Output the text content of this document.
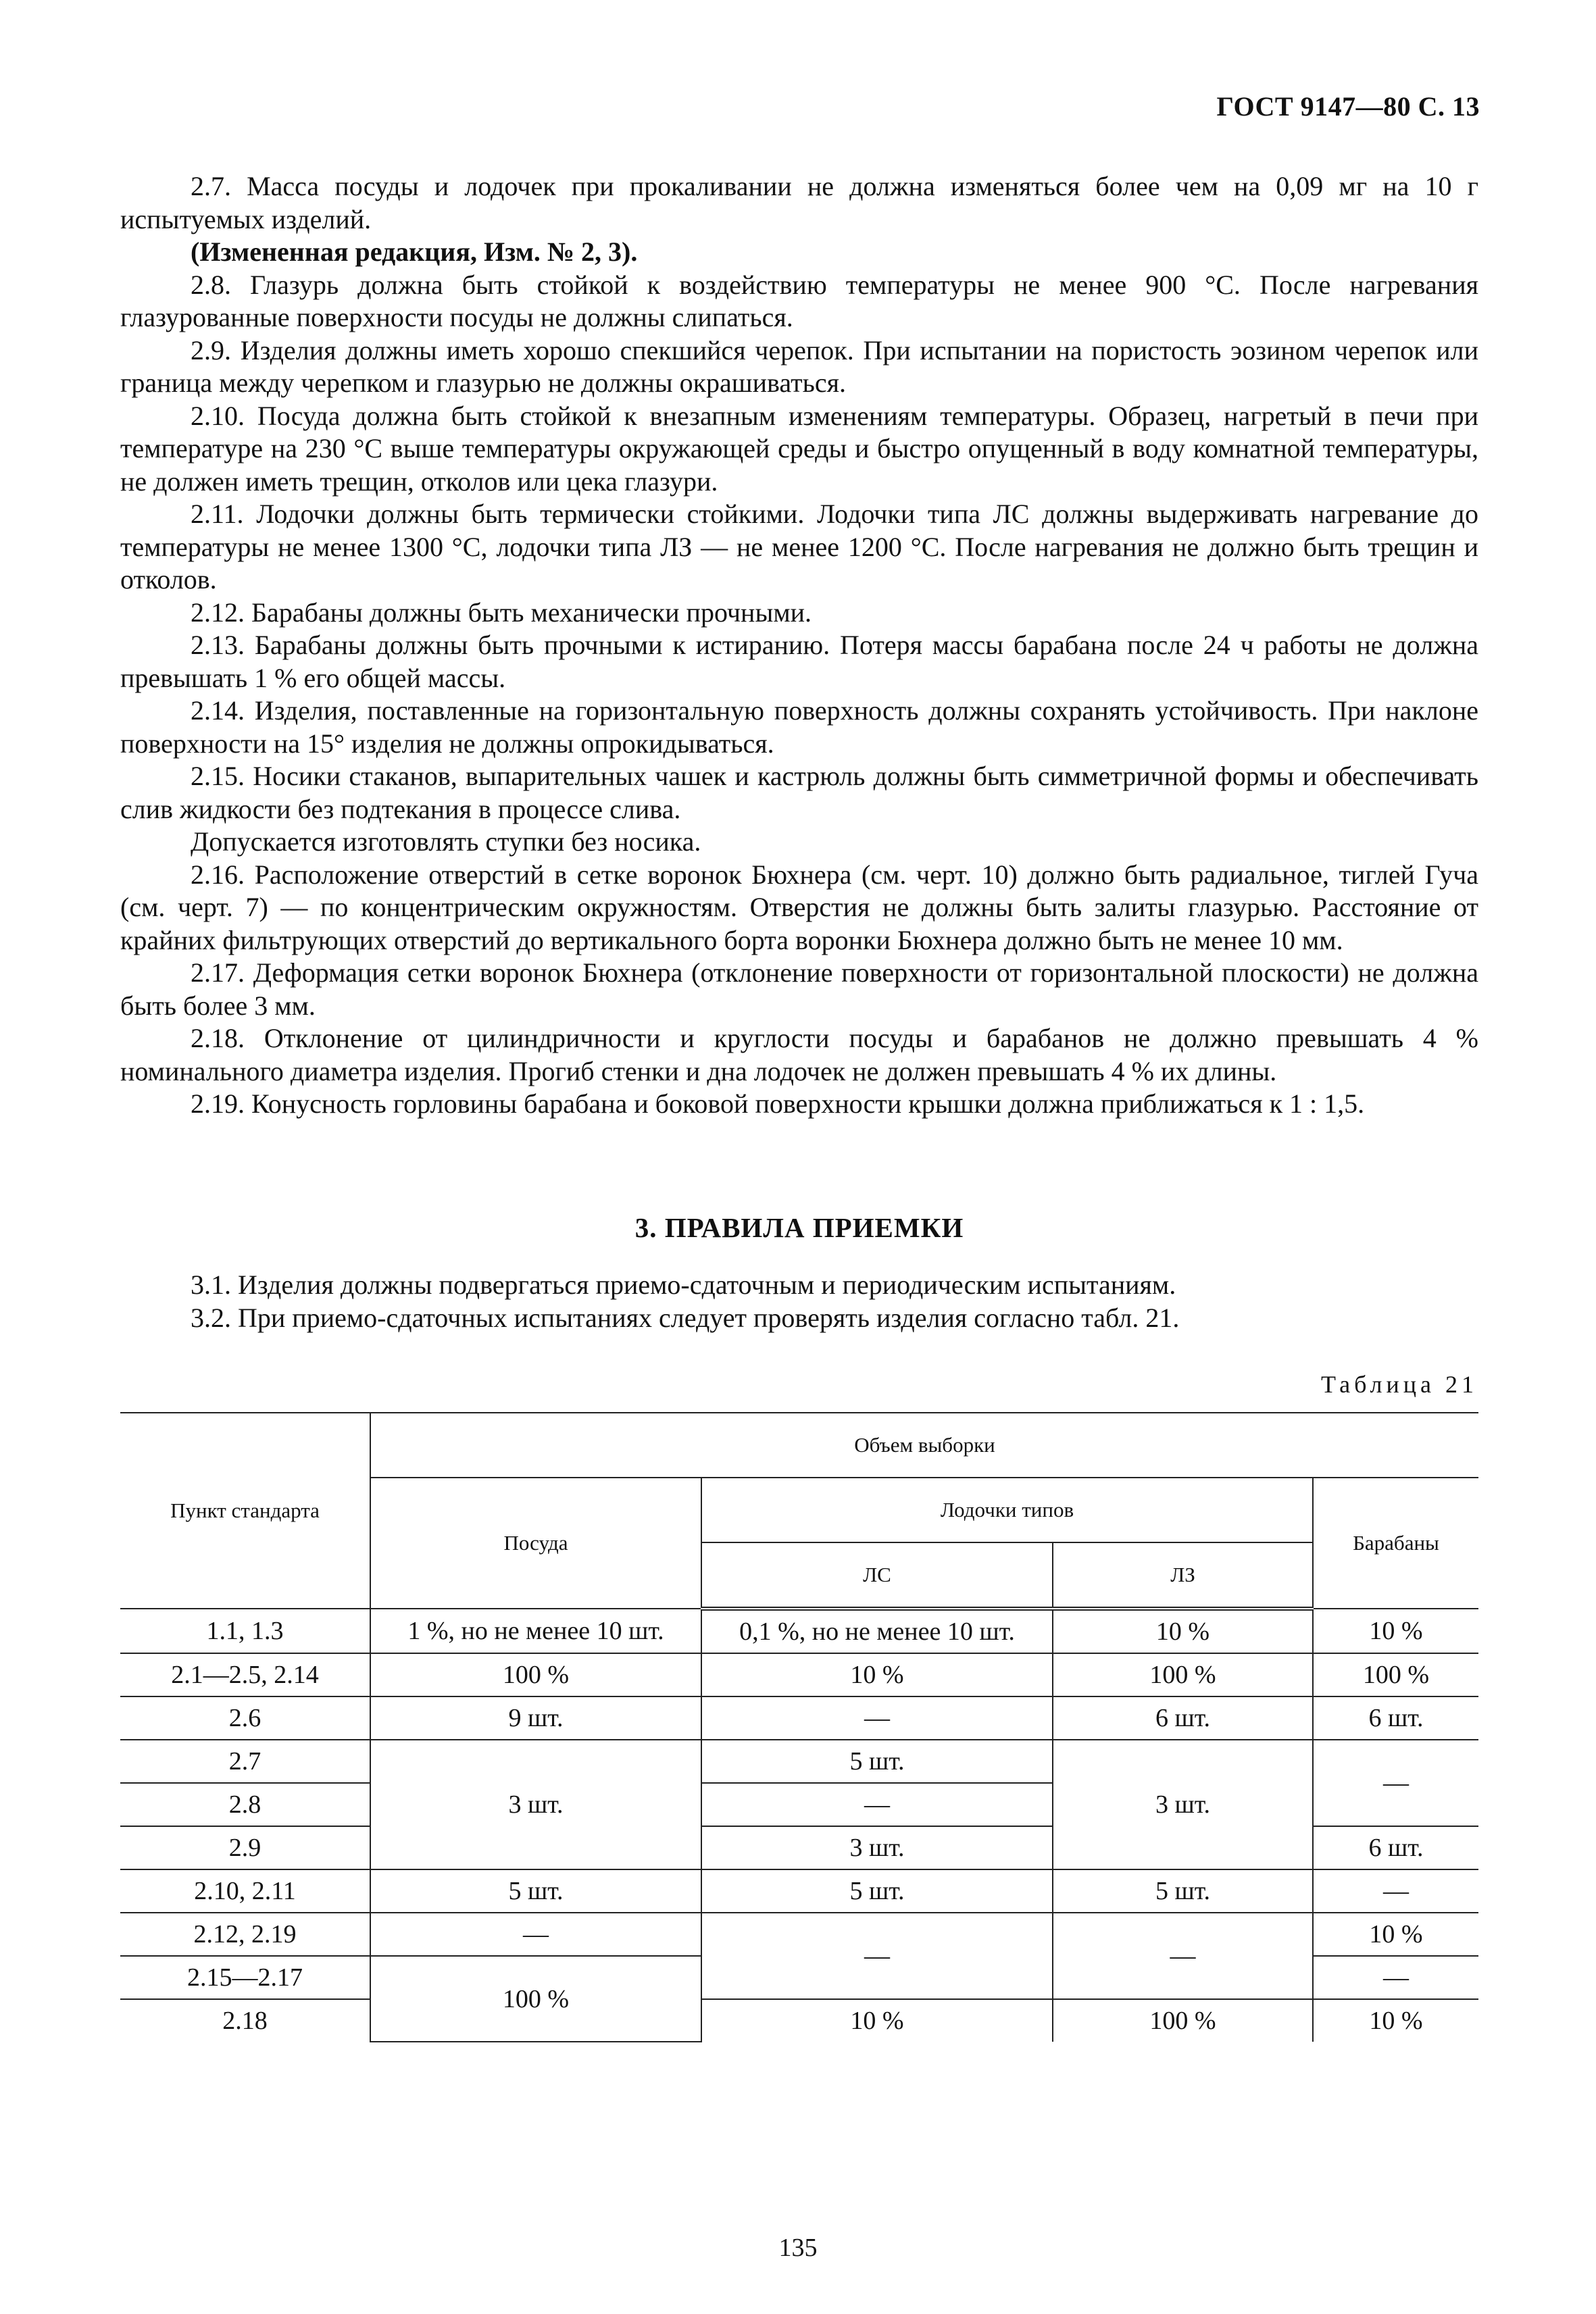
ГОСТ 9147—80 С. 13

2.7. Масса посуды и лодочек при прокаливании не должна изменяться более чем на 0,09 мг на 10 г испытуемых изделий.

(Измененная редакция, Изм. № 2, 3).

2.8. Глазурь должна быть стойкой к воздействию температуры не менее 900 °С. После нагревания глазурованные поверхности посуды не должны слипаться.

2.9. Изделия должны иметь хорошо спекшийся черепок. При испытании на пористость эозином черепок или граница между черепком и глазурью не должны окрашиваться.

2.10. Посуда должна быть стойкой к внезапным изменениям температуры. Образец, нагретый в печи при температуре на 230 °С выше температуры окружающей среды и быстро опущенный в воду комнатной температуры, не должен иметь трещин, отколов или цека глазури.

2.11. Лодочки должны быть термически стойкими. Лодочки типа ЛС должны выдерживать нагревание до температуры не менее 1300 °С, лодочки типа ЛЗ — не менее 1200 °С. После нагревания не должно быть трещин и отколов.

2.12. Барабаны должны быть механически прочными.

2.13. Барабаны должны быть прочными к истиранию. Потеря массы барабана после 24 ч работы не должна превышать 1 % его общей массы.

2.14. Изделия, поставленные на горизонтальную поверхность должны сохранять устойчивость. При наклоне поверхности на 15° изделия не должны опрокидываться.

2.15. Носики стаканов, выпарительных чашек и кастрюль должны быть симметричной формы и обеспечивать слив жидкости без подтекания в процессе слива.

Допускается изготовлять ступки без носика.

2.16. Расположение отверстий в сетке воронок Бюхнера (см. черт. 10) должно быть радиальное, тиглей Гуча (см. черт. 7) — по концентрическим окружностям. Отверстия не должны быть залиты глазурью. Расстояние от крайних фильтрующих отверстий до вертикального борта воронки Бюхнера должно быть не менее 10 мм.

2.17. Деформация сетки воронок Бюхнера (отклонение поверхности от горизонтальной плоскости) не должна быть более 3 мм.

2.18. Отклонение от цилиндричности и круглости посуды и барабанов не должно превышать 4 % номинального диаметра изделия. Прогиб стенки и дна лодочек не должен превышать 4 % их длины.

2.19. Конусность горловины барабана и боковой поверхности крышки должна приближаться к 1 : 1,5.

3. ПРАВИЛА ПРИЕМКИ

3.1. Изделия должны подвергаться приемо-сдаточным и периодическим испытаниям.

3.2. При приемо-сдаточных испытаниях следует проверять изделия согласно табл. 21.

Таблица 21
Пункт стандарта	Объем выборки			
	Посуда	Лодочки типов		Барабаны
		ЛС	ЛЗ	
1.1, 1.3	1 %, но не менее 10 шт.	0,1 %, но не менее 10 шт.	10 %	10 %
2.1—2.5, 2.14	100 %	10 %	100 %	100 %
2.6	9 шт.	—	6 шт.	6 шт.
2.7	3 шт.	5 шт.	3 шт.	—
2.8		—		
2.9		3 шт.		6 шт.
2.10, 2.11	5 шт.	5 шт.	5 шт.	—
2.12, 2.19	—	—	—	10 %
2.15—2.17	100 %			—
2.18		10 %	100 %	10 %
135
